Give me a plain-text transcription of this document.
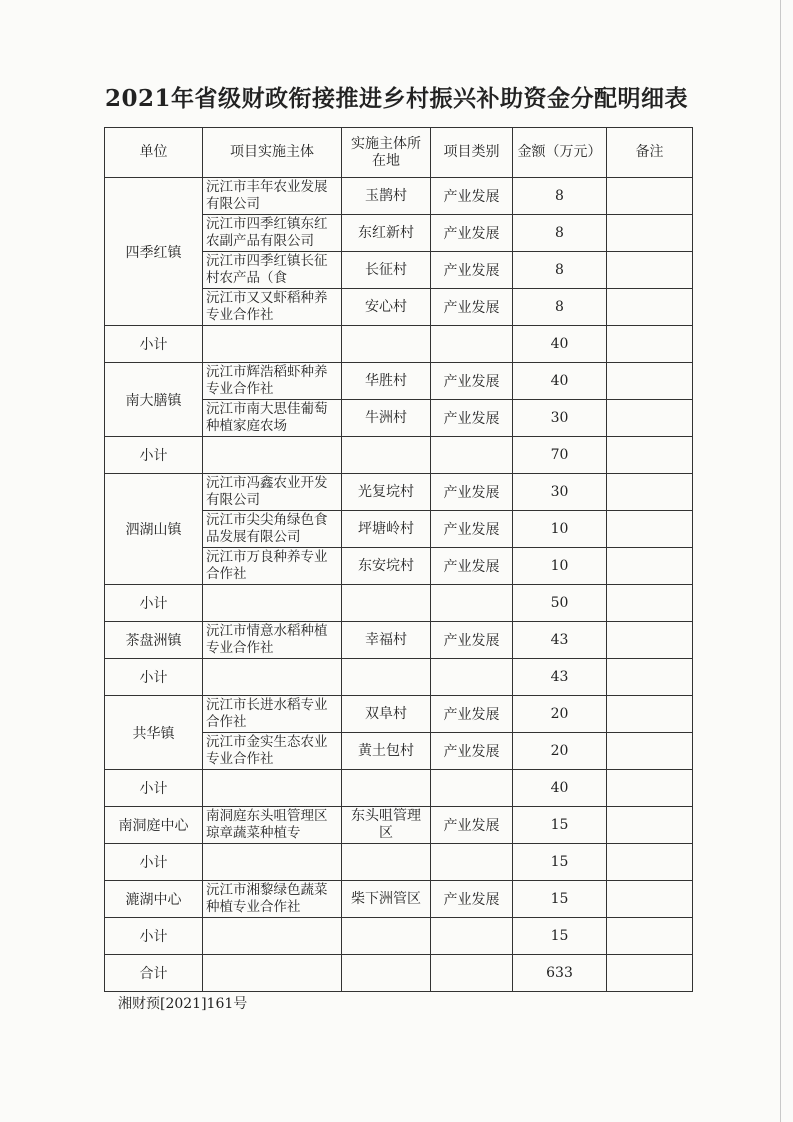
2021年省级财政衔接推进乡村振兴补助资金分配明细表
单位	项目实施主体	实施主体所在地	项目类别	金额（万元）	备注
四季红镇	沅江市丰年农业发展有限公司	玉鹊村	产业发展	8	

	沅江市四季红镇东红农副产品有限公司	东红新村	产业发展	8	

	沅江市四季红镇长征村农产品（食	长征村	产业发展	8	

	沅江市又又虾稻种养专业合作社	安心村	产业发展	8	
小计				40	
南大膳镇	沅江市辉浩稻虾种养专业合作社	华胜村	产业发展	40	

	沅江市南大思佳葡萄种植家庭农场	牛洲村	产业发展	30	
小计				70	
泗湖山镇	沅江市冯鑫农业开发有限公司	光复垸村	产业发展	30	

	沅江市尖尖角绿色食品发展有限公司	坪塘岭村	产业发展	10	

	沅江市万良种养专业合作社	东安垸村	产业发展	10	
小计				50	
茶盘洲镇	沅江市情意水稻种植专业合作社	幸福村	产业发展	43	
小计				43	
共华镇	沅江市长进水稻专业合作社	双阜村	产业发展	20	

	沅江市金实生态农业专业合作社	黄土包村	产业发展	20	
小计				40	
南洞庭中心	南洞庭东头咀管理区琼章蔬菜种植专	东头咀管理区	产业发展	15	
小计				15	
漉湖中心	沅江市湘黎绿色蔬菜种植专业合作社	柴下洲管区	产业发展	15	
小计				15	
合计				633	
湘财预[2021]161号
